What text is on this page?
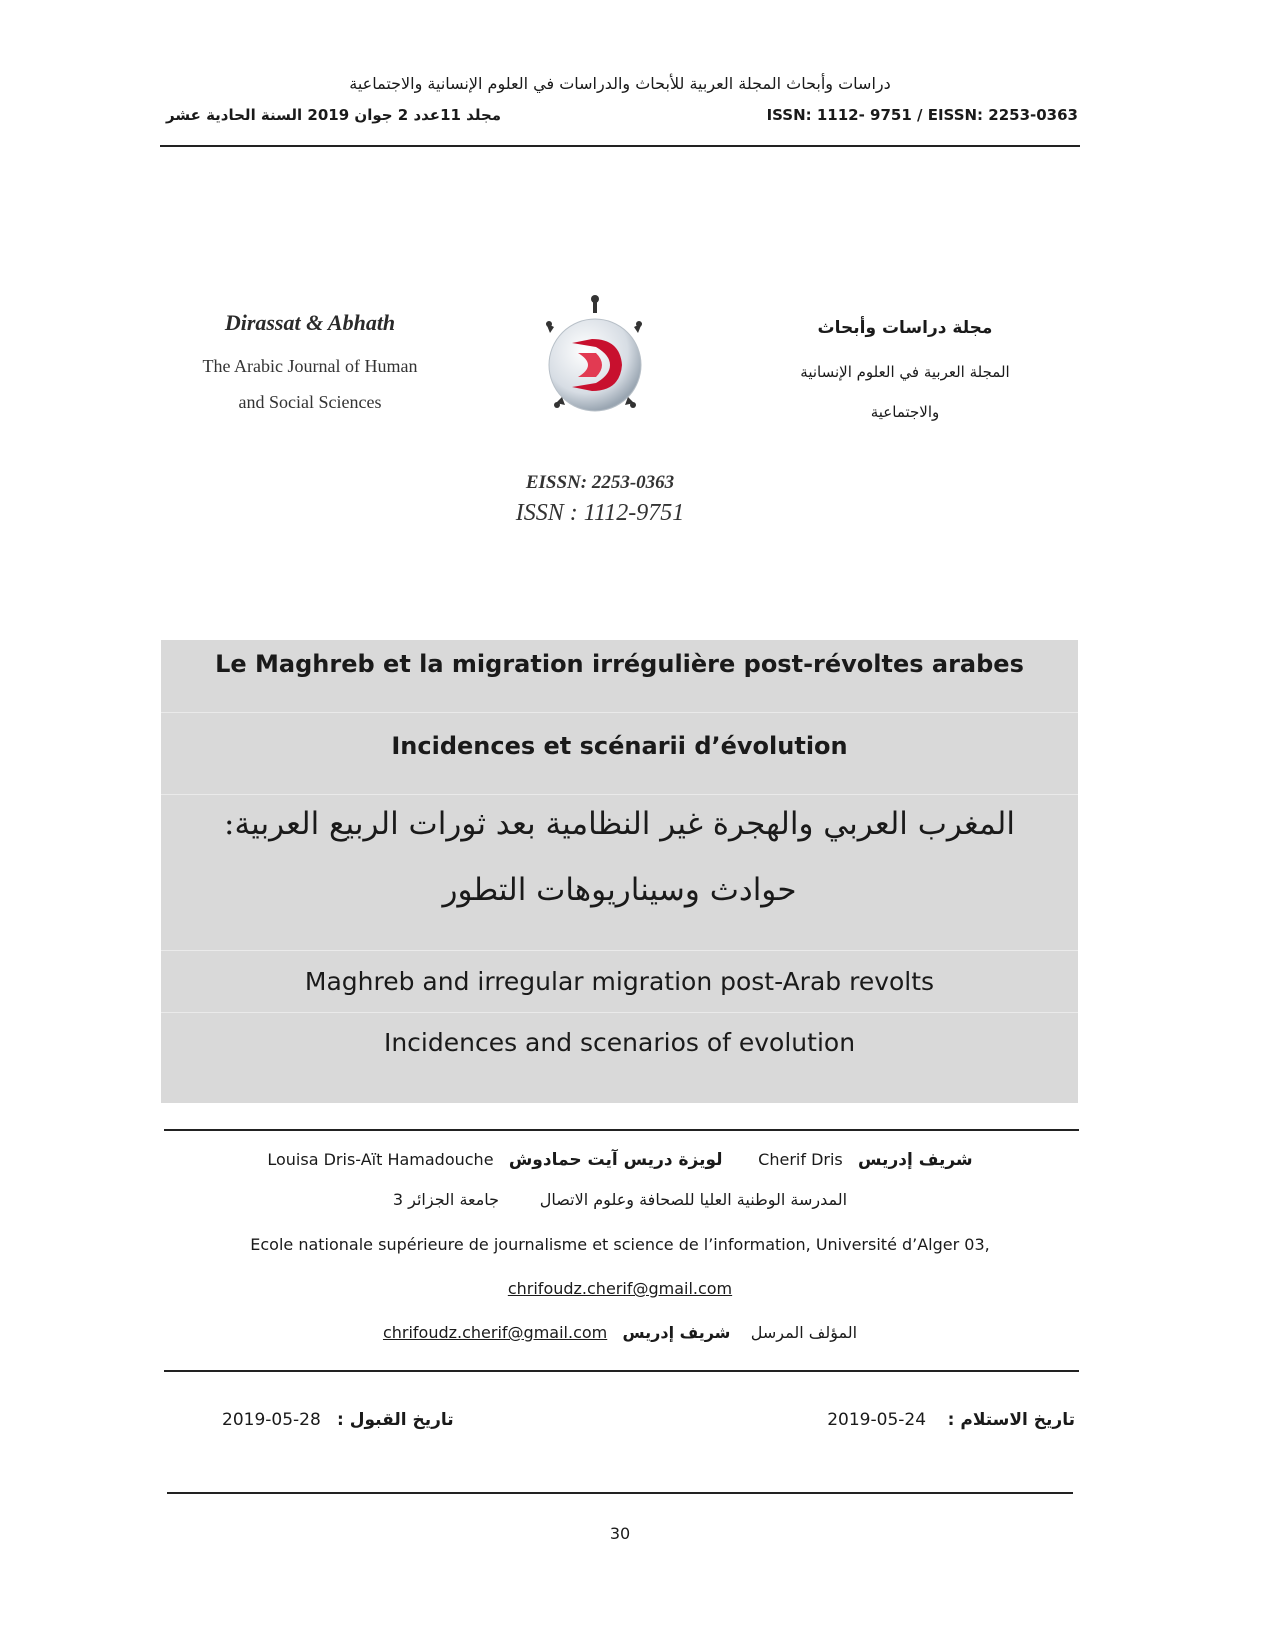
دراسات وأبحاث المجلة العربية للأبحاث والدراسات في العلوم الإنسانية والاجتماعية
مجلد 11عدد 2 جوان 2019 السنة الحادية عشر	ISSN: 1112- 9751 / EISSN: 2253-0363
Dirassat & Abhath
The Arabic Journal of Human
and Social Sciences
مجلة دراسات وأبحاث
المجلة العربية في العلوم الإنسانية
والاجتماعية
EISSN: 2253-0363
ISSN : 1112-9751
Le Maghreb et la migration irrégulière post-révoltes arabes
Incidences et scénarii d’évolution
المغرب العربي والهجرة غير النظامية بعد ثورات الربيع العربية:
حوادث وسيناريوهات التطور
Maghreb and irregular migration post-Arab revolts
Incidences and scenarios of evolution
شريف إدريس   Cherif Dris       لويزة دريس آيت حمادوش   Louisa Dris-Aït Hamadouche
المدرسة الوطنية العليا للصحافة وعلوم الاتصال        جامعة الجزائر 3
Ecole nationale supérieure de journalisme et science de l’information, Université d’Alger 03,
chrifoudz.cherif@gmail.com
المؤلف المرسل    شريف إدريس   chrifoudz.cherif@gmail.com
تاريخ الاستلام :    2019-05-24
تاريخ القبول :   2019-05-28
30
